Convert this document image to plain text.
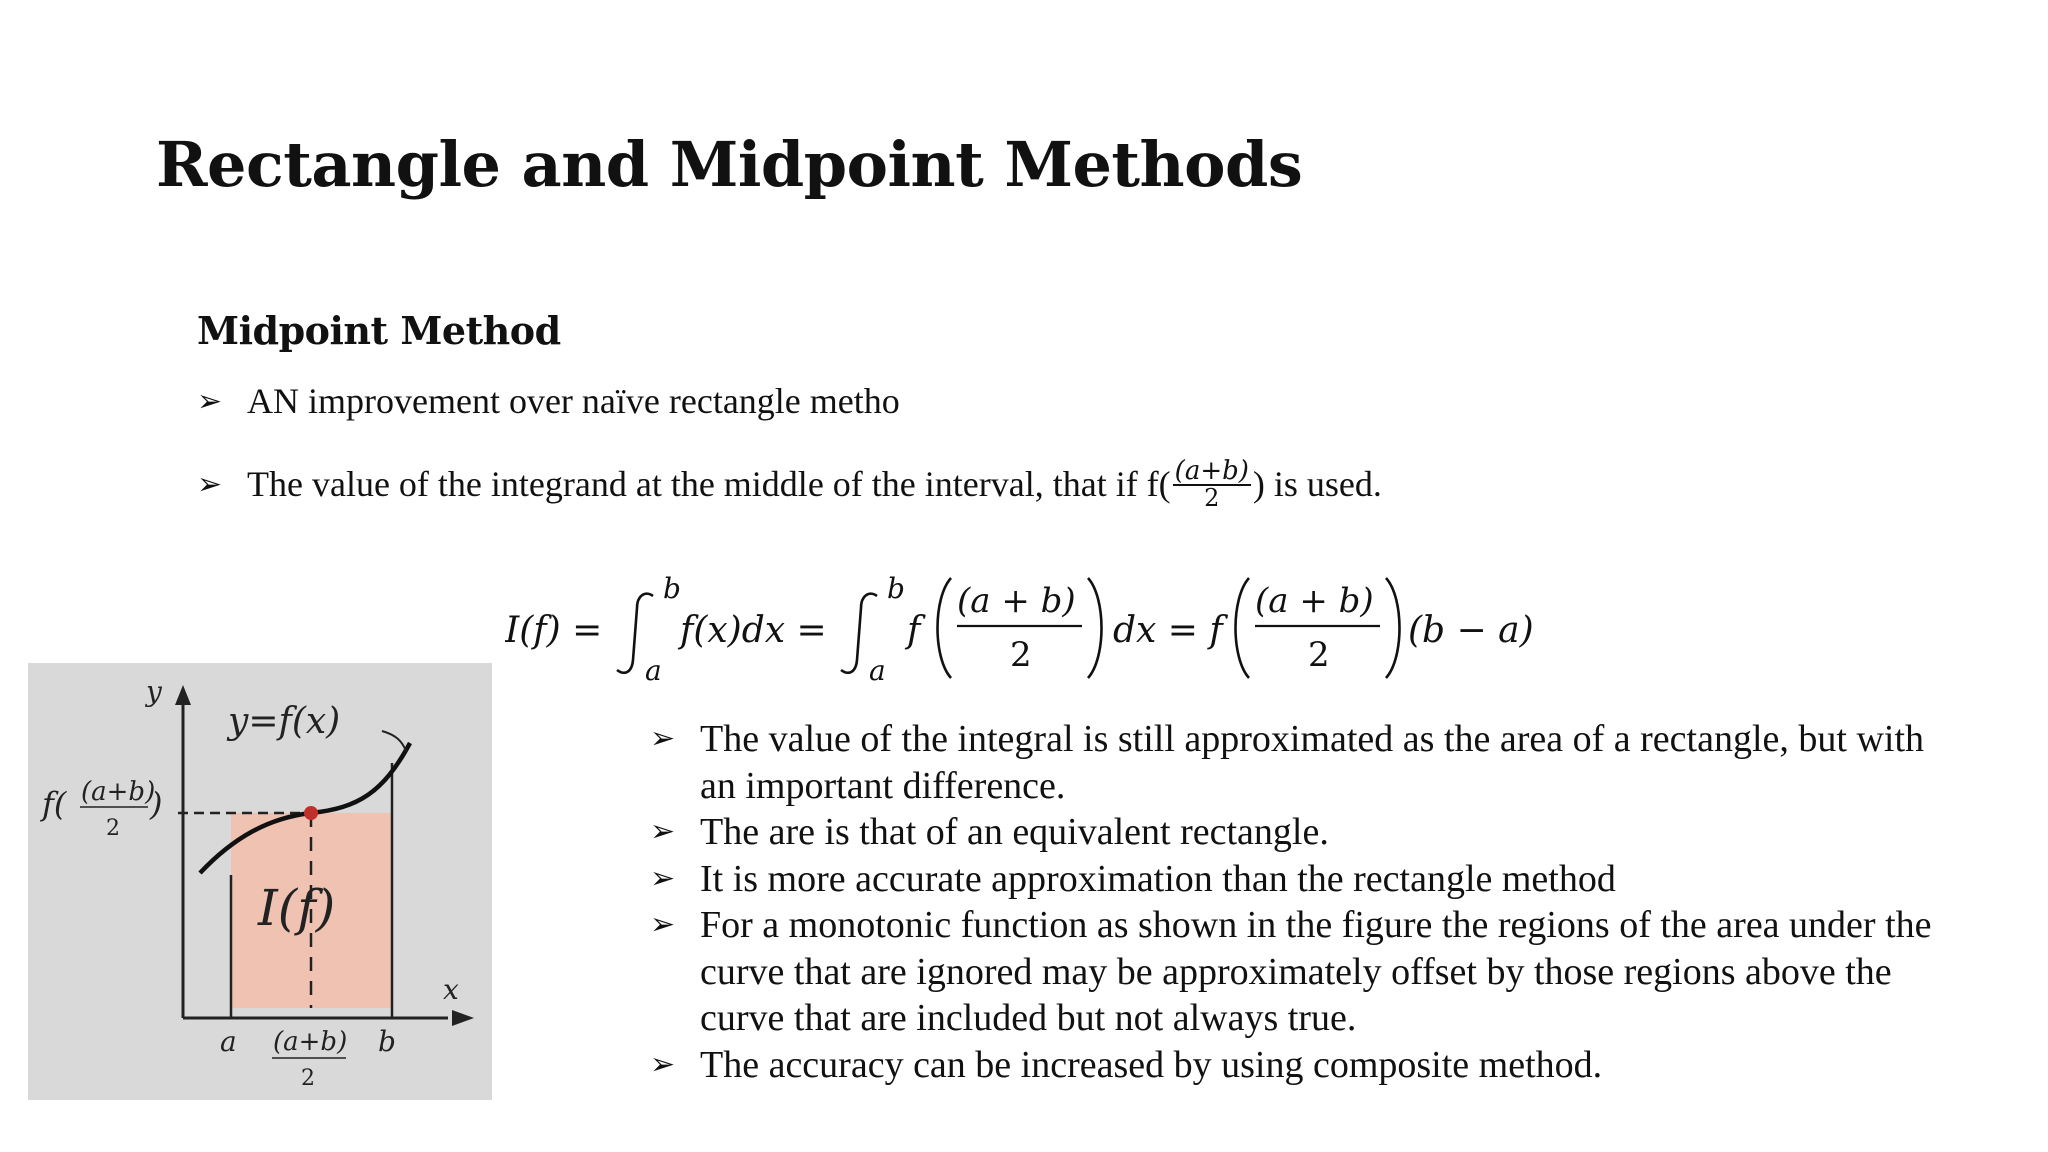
Rectangle and Midpoint Methods
Midpoint Method
➢ AN improvement over naïve rectangle metho
➢ The value of the integrand at the middle of the interval, that if $f( \frac{(a+b)}{2}$ ) is used.
I(f) =
b
a
f(x)dx =
b
a
f
(a + b)
2
dx = f
(a + b)
2
(b − a)
y
x
y=f(x)
I(f)
f( (a+b)
2
)
a	b
(a+b)
2
➢ The value of the integral is still approximated as the area of a rectangle, but with an important difference.
➢ The are is that of an equivalent rectangle.
➢ It is more accurate approximation than the rectangle method
➢ For a monotonic function as shown in the figure the regions of the area under the curve that are ignored may be approximately offset by those regions above the curve that are included but not always true.
➢ The accuracy can be increased by using composite method.
